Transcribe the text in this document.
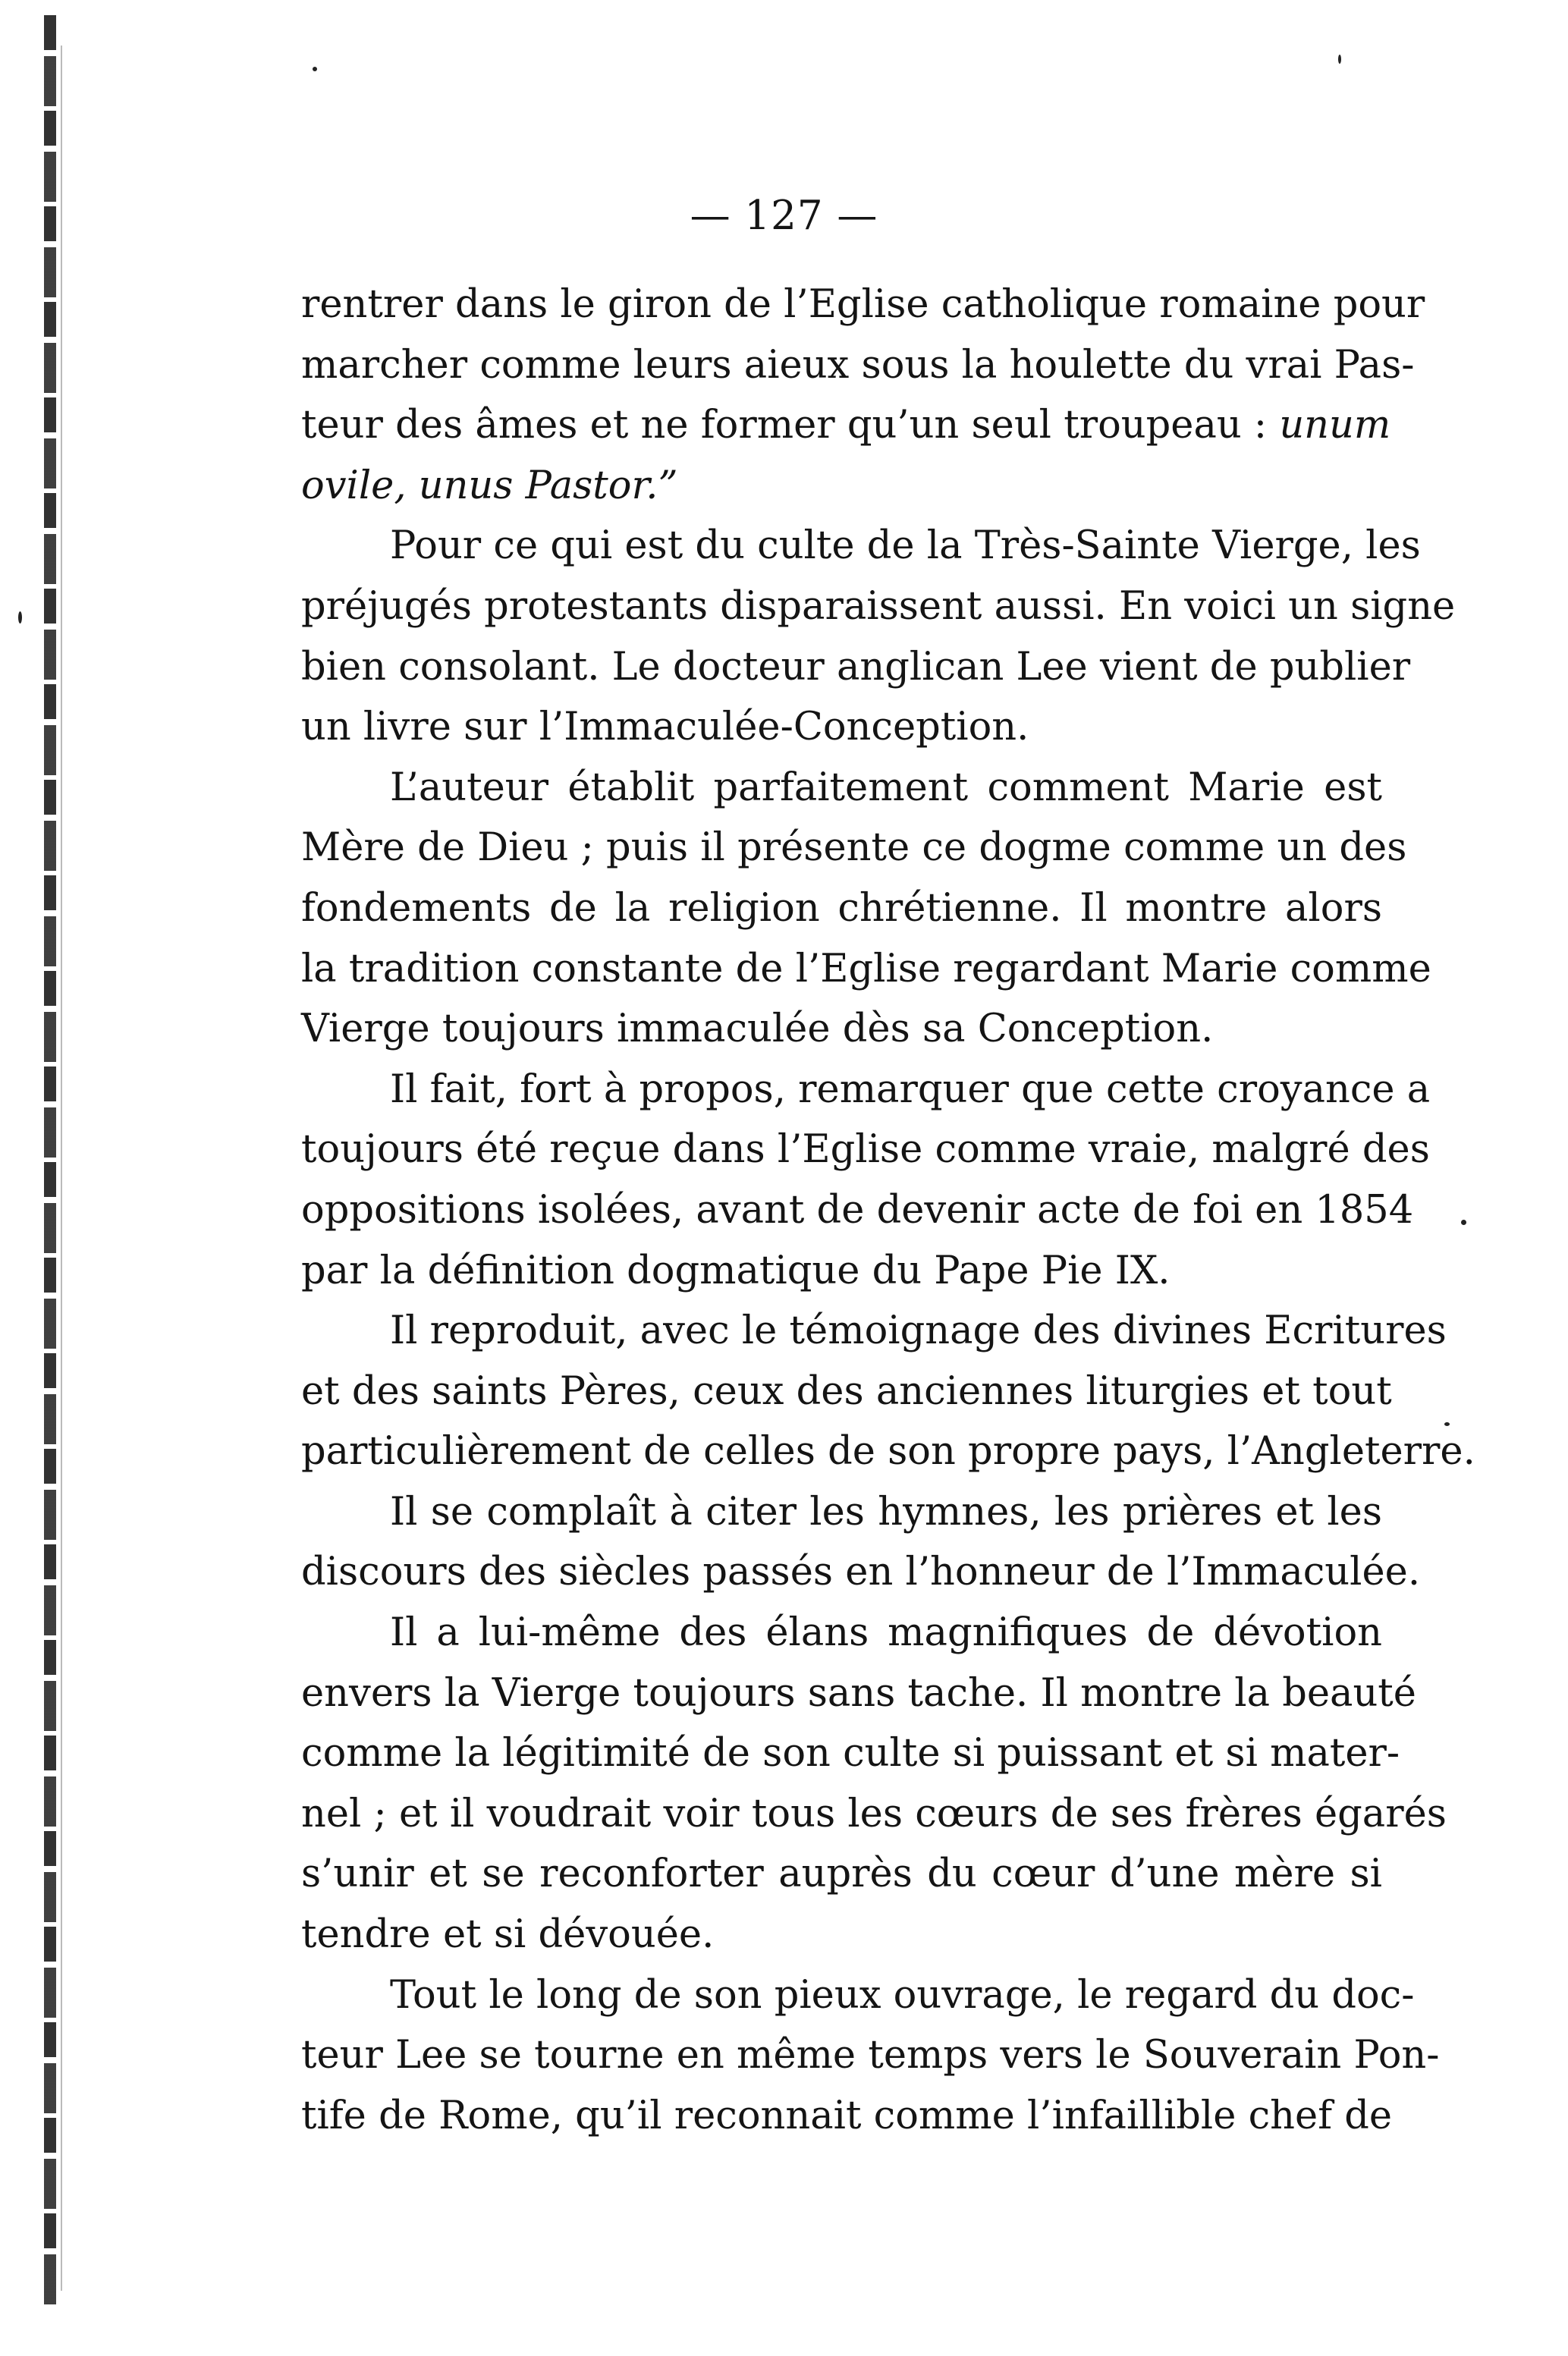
— 127 —
rentrer dans le giron de l’Eglise catholique romaine pour
marcher comme leurs aieux sous la houlette du vrai Pas-
teur des âmes et ne former qu’un seul troupeau : unum
ovile, unus Pastor.”
Pour ce qui est du culte de la Très-Sainte Vierge, les
préjugés protestants disparaissent aussi. En voici un signe
bien consolant. Le docteur anglican Lee vient de publier
un livre sur l’Immaculée-Conception.
L’auteur établit parfaitement comment Marie est
Mère de Dieu ; puis il présente ce dogme comme un des
fondements de la religion chrétienne. Il montre alors
la tradition constante de l’Eglise regardant Marie comme
Vierge toujours immaculée dès sa Conception.
Il fait, fort à propos, remarquer que cette croyance a
toujours été reçue dans l’Eglise comme vraie, malgré des
oppositions isolées, avant de devenir acte de foi en 1854
par la définition dogmatique du Pape Pie IX.
Il reproduit, avec le témoignage des divines Ecritures
et des saints Pères, ceux des anciennes liturgies et tout
particulièrement de celles de son propre pays, l’Angleterre.
Il se complaît à citer les hymnes, les prières et les
discours des siècles passés en l’honneur de l’Immaculée.
Il a lui-même des élans magnifiques de dévotion
envers la Vierge toujours sans tache. Il montre la beauté
comme la légitimité de son culte si puissant et si mater-
nel ; et il voudrait voir tous les cœurs de ses frères égarés
s’unir et se reconforter auprès du cœur d’une mère si
tendre et si dévouée.
Tout le long de son pieux ouvrage, le regard du doc-
teur Lee se tourne en même temps vers le Souverain Pon-
tife de Rome, qu’il reconnait comme l’infaillible chef de
